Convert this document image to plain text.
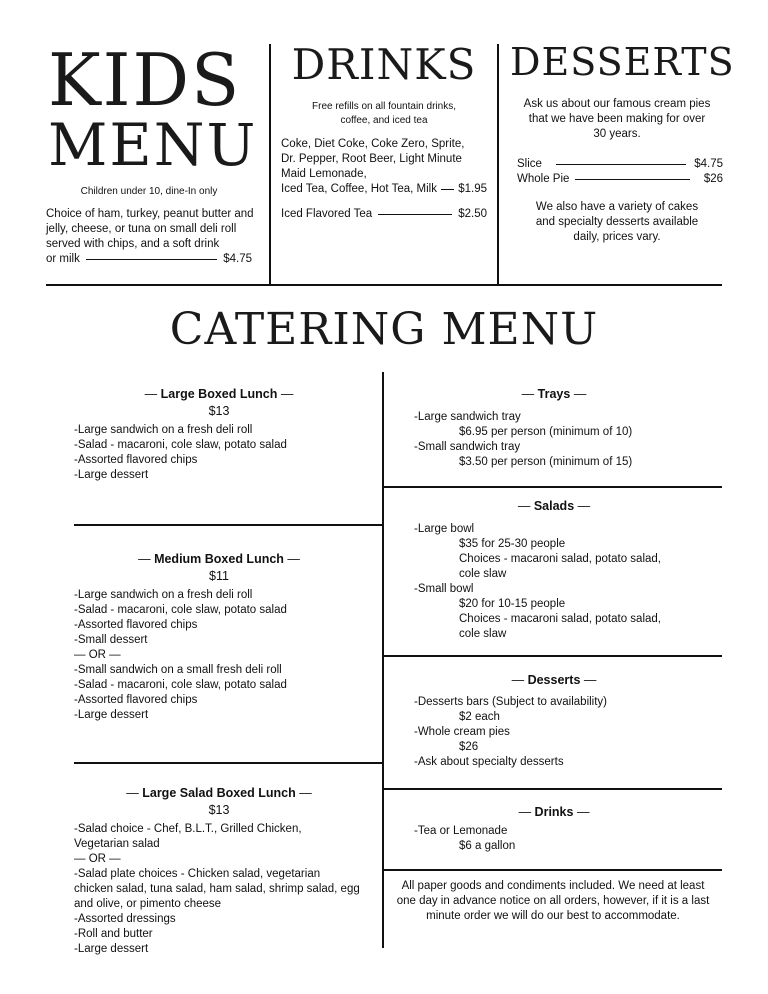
KIDS
MENU
Children under 10, dine-In only
Choice of ham, turkey, peanut butter and jelly, cheese, or tuna on small deli roll served with chips, and a soft drink
or milk	$4.75
DRINKS
Free refills on all fountain drinks, coffee, and iced tea
Coke, Diet Coke, Coke Zero, Sprite, Dr. Pepper, Root Beer, Light Minute Maid Lemonade,
Iced Tea, Coffee, Hot Tea, Milk $1.95
Iced Flavored Tea	$2.50
DESSERTS
Ask us about our famous cream pies that we have been making for over 30 years.
Slice	$4.75
Whole Pie	$26
We also have a variety of cakes and specialty desserts available daily, prices vary.
CATERING MENU
— Large Boxed Lunch —
$13
-Large sandwich on a fresh deli roll
-Salad - macaroni, cole slaw, potato salad
-Assorted flavored chips
-Large dessert
— Medium Boxed Lunch —
$11
-Large sandwich on a fresh deli roll
-Salad - macaroni, cole slaw, potato salad
-Assorted flavored chips
-Small dessert
— OR —
-Small sandwich on a small fresh deli roll
-Salad - macaroni, cole slaw, potato salad
-Assorted flavored chips
-Large dessert
— Large Salad Boxed Lunch —
$13
-Salad choice - Chef, B.L.T., Grilled Chicken,
Vegetarian salad
— OR —
-Salad plate choices - Chicken salad, vegetarian
chicken salad, tuna salad, ham salad, shrimp salad, egg
and olive, or pimento cheese
-Assorted dressings
-Roll and butter
-Large dessert
— Trays —
-Large sandwich tray
$6.95 per person (minimum of 10)
-Small sandwich tray
$3.50 per person (minimum of 15)
— Salads —
-Large bowl
$35 for 25-30 people
Choices - macaroni salad, potato salad,
cole slaw
-Small bowl
$20 for 10-15 people
Choices - macaroni salad, potato salad,
cole slaw
— Desserts —
-Desserts bars (Subject to availability)
$2 each
-Whole cream pies
$26
-Ask about specialty desserts
— Drinks —
-Tea or Lemonade
$6 a gallon
All paper goods and condiments included. We need at least one day in advance notice on all orders, however, if it is a last minute order we will do our best to accommodate.
